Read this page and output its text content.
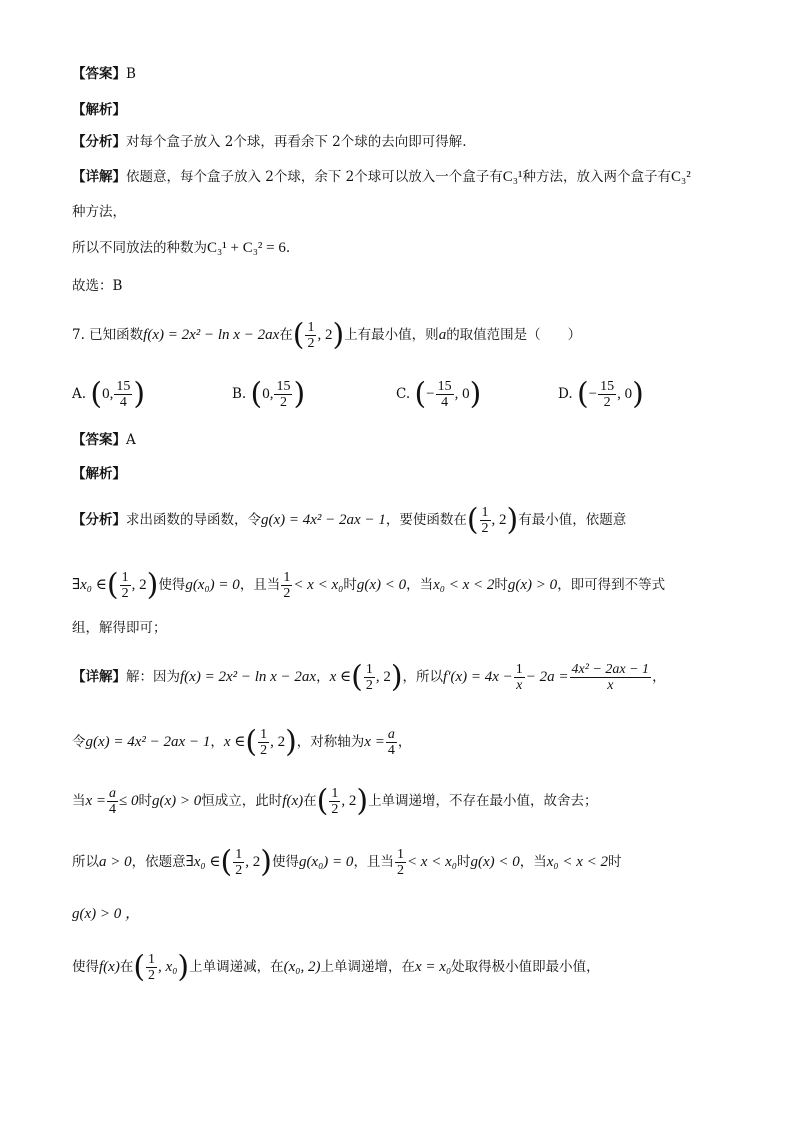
【答案】B
【解析】
【分析】对每个盒子放入 2个球，再看余下 2个球的去向即可得解.
【详解】依题意，每个盒子放入 2个球，余下 2个球可以放入一个盒子有C₃¹种方法，放入两个盒子有C₃²
种方法，
所以不同放法的种数为C₃¹ + C₃² = 6.
故选：B
7. 已知函数f(x) = 2x² − ln x − 2ax在( $\frac{1}{2}$ , 2)上有最小值，则a的取值范围是（　　）
A. (0, $\frac{15}{4}$ )	B. (0, $\frac{15}{2}$ )	C. (− $\frac{15}{4}$ , 0)	D. (− $\frac{15}{2}$ , 0)
【答案】A
【解析】
【分析】求出函数的导函数，令g(x) = 4x² − 2ax − 1，要使函数在( $\frac{1}{2}$ , 2)有最小值，依题意
∃x₀ ∈( $\frac{1}{2}$ , 2)使得g(x₀) = 0，且当 $\frac{1}{2} < x < x_0$时g(x) < 0，当x₀ < x < 2时g(x) > 0，即可得到不等式
组，解得即可；
【详解】解：因为f(x) = 2x² − ln x − 2ax，x ∈( $\frac{1}{2}$ , 2)，所以$f'(x) = 4x - \frac{1}{x} - 2a = \frac{\text{4x² − 2ax − 1}}{x}$ ，
令g(x) = 4x² − 2ax − 1，x ∈( $\frac{1}{2}$ , 2)，对称轴为$x = \frac{a}{4}$ ，
当$x = \frac{a}{4} \le 0$时g(x) > 0恒成立，此时f(x)在( $\frac{1}{2}$ , 2)上单调递增，不存在最小值，故舍去；
所以a > 0，依题意∃x₀ ∈( $\frac{1}{2}$ , 2)使得g(x₀) = 0，且当 $\frac{1}{2} < x < x_0$时g(x) < 0，当x₀ < x < 2时
g(x) > 0 ，
使得f(x)在( $\frac{1}{2}$ , x₀)上单调递减，在(x₀, 2)上单调递增，在x = x₀处取得极小值即最小值，
